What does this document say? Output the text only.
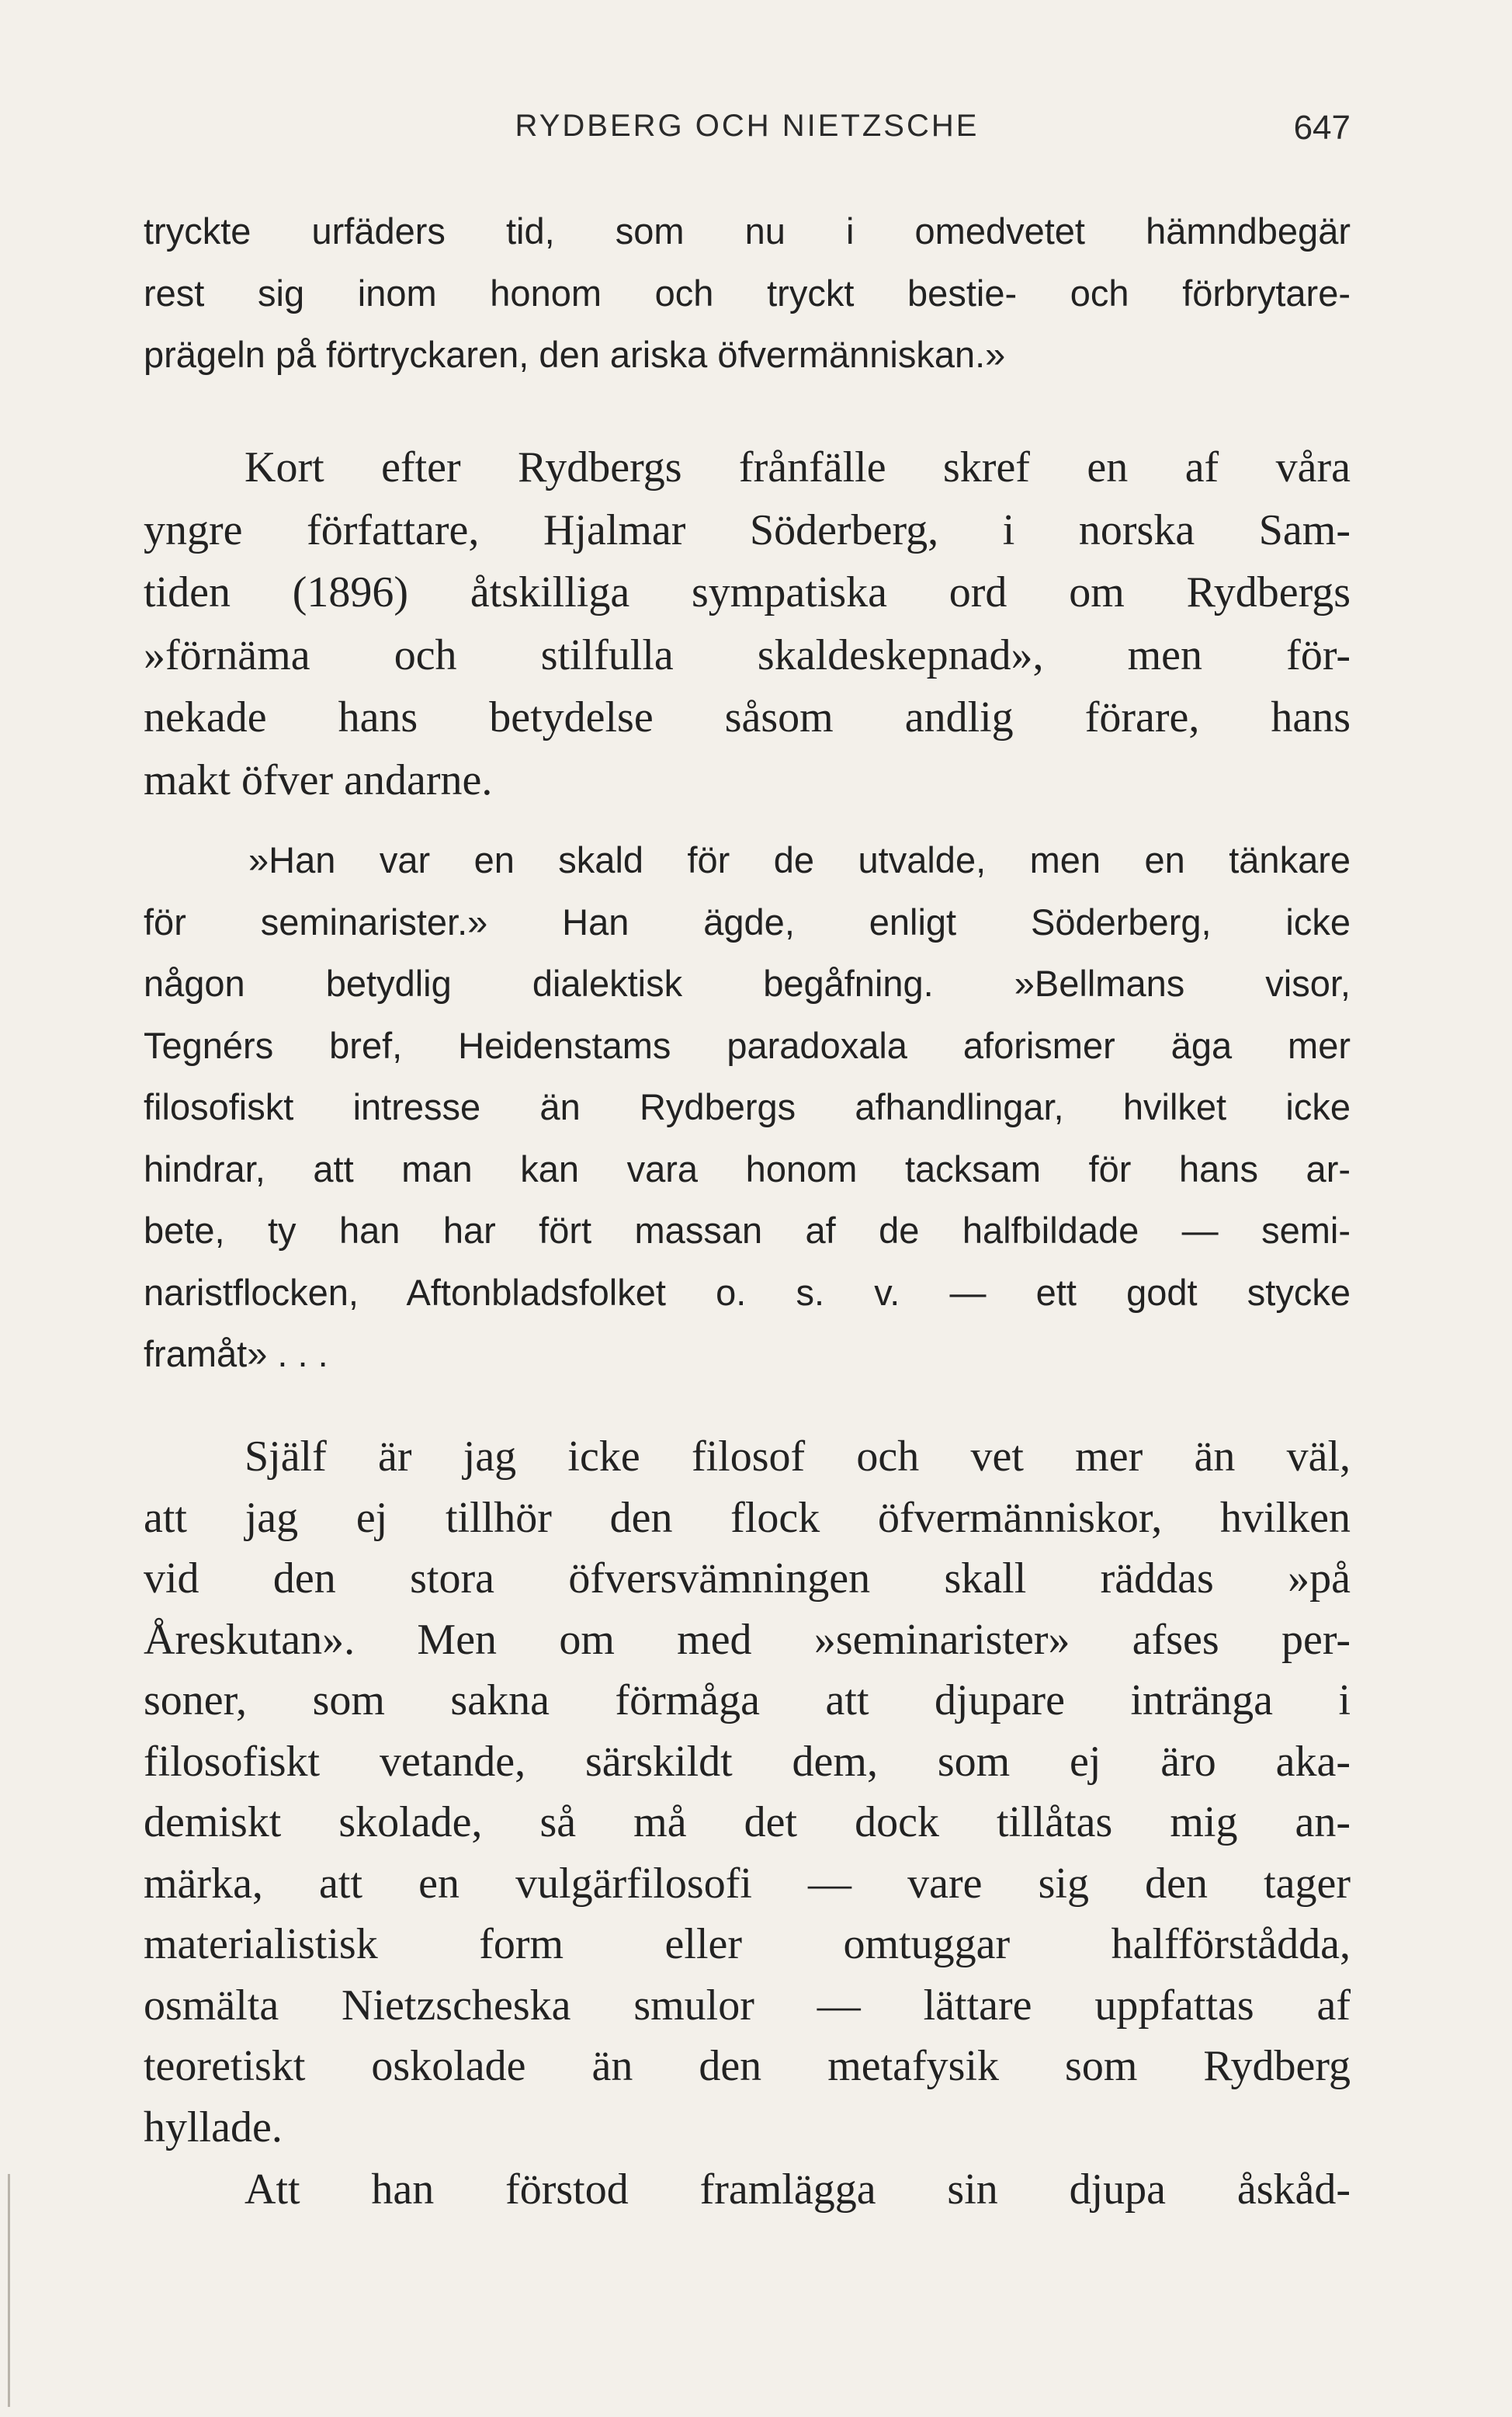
RYDBERG OCH NIETZSCHE	647
tryckte urfäders tid, som nu i omedvetet hämndbegär
rest sig inom honom och tryckt bestie- och förbrytare-
prägeln på förtryckaren, den ariska öfvermänniskan.»
Kort efter Rydbergs frånfälle skref en af våra
yngre författare, Hjalmar Söderberg, i norska Sam-
tiden (1896) åtskilliga sympatiska ord om Rydbergs
»förnäma och stilfulla skaldeskepnad», men för-
nekade hans betydelse såsom andlig förare, hans
makt öfver andarne.
»Han var en skald för de utvalde, men en tänkare
för seminarister.» Han ägde, enligt Söderberg, icke
någon betydlig dialektisk begåfning. »Bellmans visor,
Tegnérs bref, Heidenstams paradoxala aforismer äga mer
filosofiskt intresse än Rydbergs afhandlingar, hvilket icke
hindrar, att man kan vara honom tacksam för hans ar-
bete, ty han har fört massan af de halfbildade — semi-
naristflocken, Aftonbladsfolket o. s. v. — ett godt stycke
framåt» . . .
Själf är jag icke filosof och vet mer än väl,
att jag ej tillhör den flock öfvermänniskor, hvilken
vid den stora öfversvämningen skall räddas »på
Åreskutan». Men om med »seminarister» afses per-
soner, som sakna förmåga att djupare intränga i
filosofiskt vetande, särskildt dem, som ej äro aka-
demiskt skolade, så må det dock tillåtas mig an-
märka, att en vulgärfilosofi — vare sig den tager
materialistisk form eller omtuggar halfförstådda,
osmälta Nietzscheska smulor — lättare uppfattas af
teoretiskt oskolade än den metafysik som Rydberg
hyllade.
Att han förstod framlägga sin djupa åskåd-
